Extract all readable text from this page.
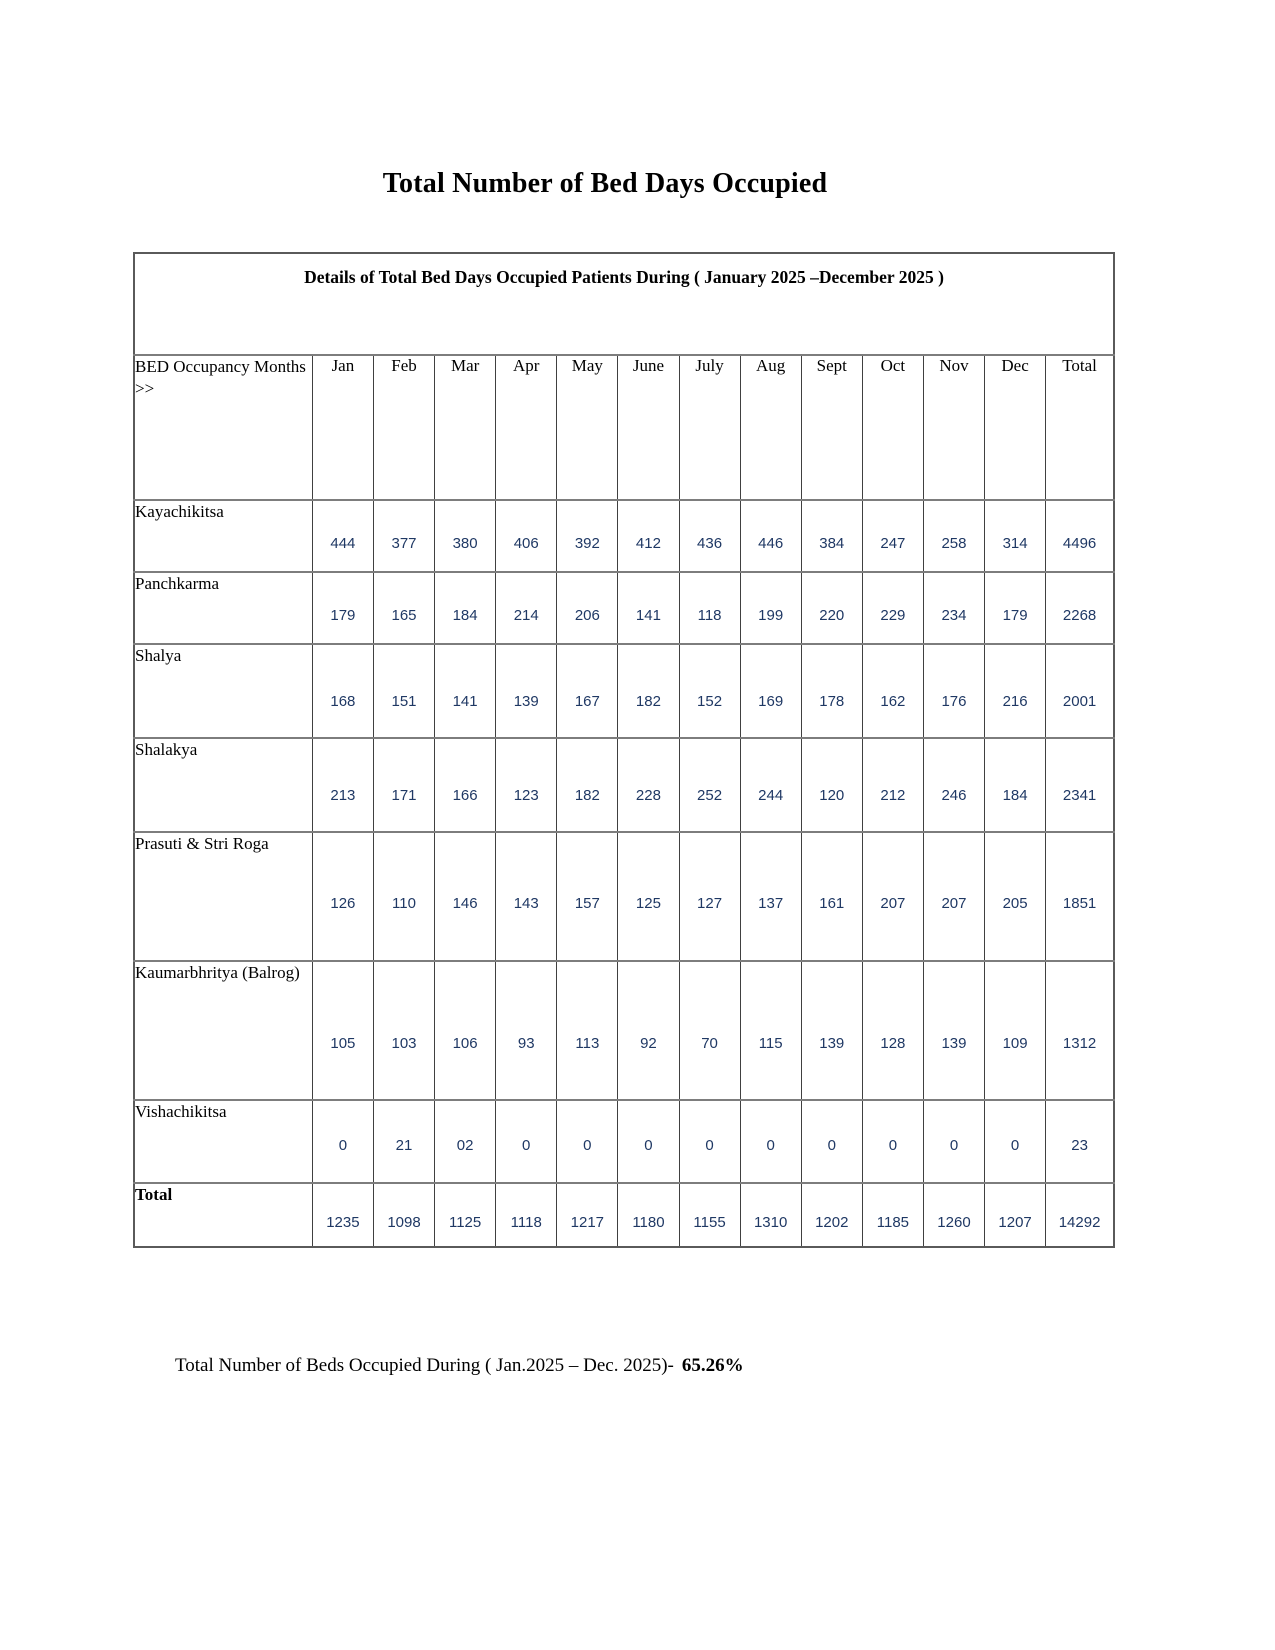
Total Number of Bed Days Occupied
Details of Total Bed Days Occupied Patients During ( January 2025 –December 2025 )													

BED Occupancy Months >>	Jan	Feb	Mar	Apr	May	June	July	Aug	Sept	Oct	Nov	Dec	Total
Kayachikitsa	444	377	380	406	392	412	436	446	384	247	258	314	4496

Panchkarma	179	165	184	214	206	141	118	199	220	229	234	179	2268

Shalya	168	151	141	139	167	182	152	169	178	162	176	216	2001

Shalakya	213	171	166	123	182	228	252	244	120	212	246	184	2341

Prasuti & Stri Roga	126	110	146	143	157	125	127	137	161	207	207	205	1851

Kaumarbhritya (Balrog)	105	103	106	93	113	92	70	115	139	128	139	109	1312

Vishachikitsa	0	21	02	0	0	0	0	0	0	0	0	0	23

Total	1235	1098	1125	1118	1217	1180	1155	1310	1202	1185	1260	1207	14292
Total Number of Beds Occupied During ( Jan.2025 – Dec. 2025)- 65.26%
